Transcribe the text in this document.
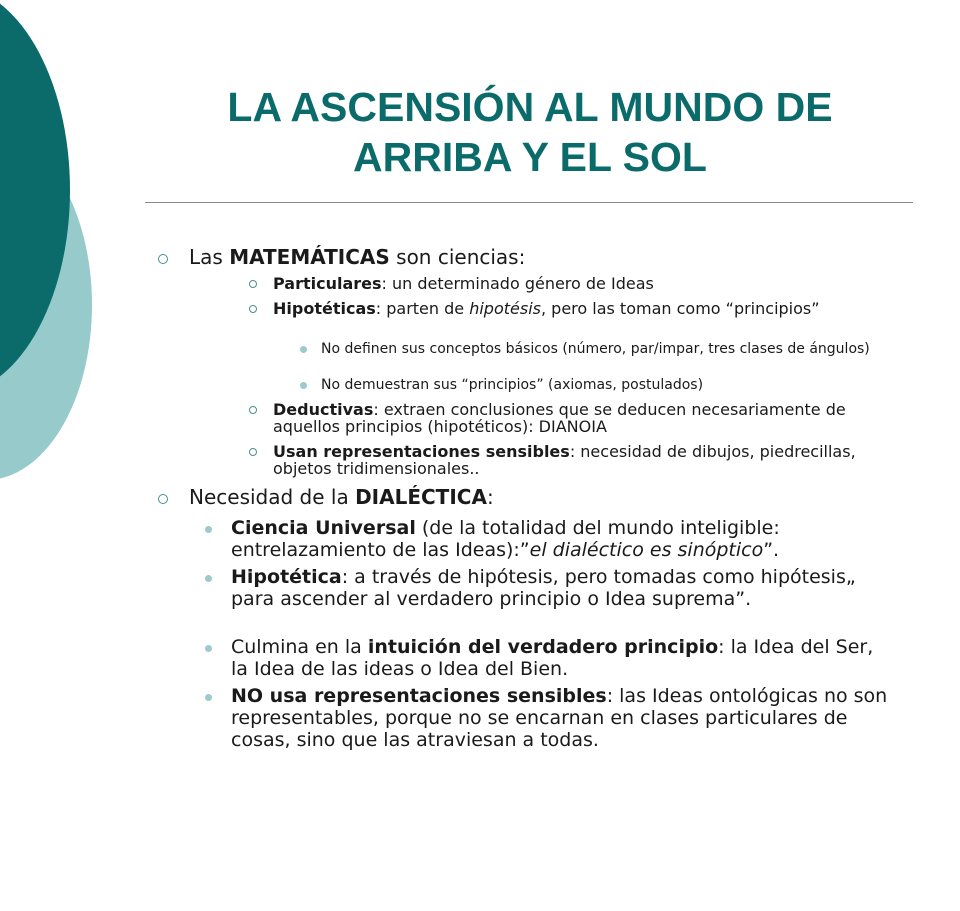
LA ASCENSIÓN AL MUNDO DE
ARRIBA Y EL SOL
Las MATEMÁTICAS son ciencias:
Particulares: un determinado género de Ideas
Hipotéticas: parten de hipotésis, pero las toman como “principios”
No definen sus conceptos básicos (número, par/impar, tres clases de ángulos)
No demuestran sus “principios” (axiomas, postulados)
Deductivas: extraen conclusiones que se deducen necesariamente de aquellos principios (hipotéticos): DIANOIA
Usan representaciones sensibles: necesidad de dibujos, piedrecillas, objetos tridimensionales..
Necesidad de la DIALÉCTICA:
Ciencia Universal (de la totalidad del mundo inteligible: entrelazamiento de las Ideas):”el dialéctico es sinóptico”.
Hipotética: a través de hipótesis, pero tomadas como hipótesis„ para ascender al verdadero principio o Idea suprema”.
Culmina en la intuición del verdadero principio: la Idea del Ser, la Idea de las ideas o Idea del Bien.
NO usa representaciones sensibles: las Ideas ontológicas no son representables, porque no se encarnan en clases particulares de cosas, sino que las atraviesan a todas.
